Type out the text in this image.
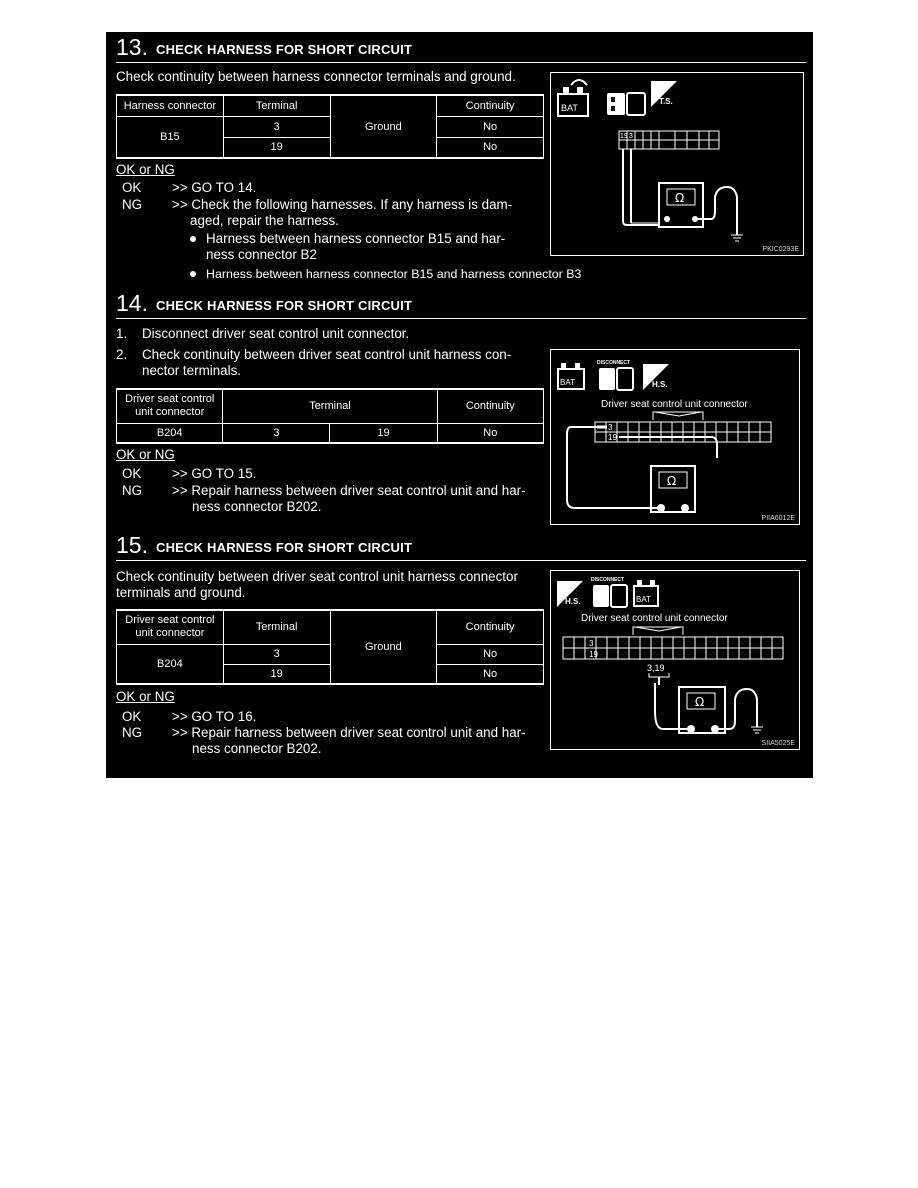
13. CHECK HARNESS FOR SHORT CIRCUIT
Check continuity between harness connector terminals and ground.
Harness connector	Terminal	Ground	Continuity
B15	3		No
	19		No
OK or NG
OK >> GO TO 14.
NG >> Check the following harnesses. If any harness is dam-
aged, repair the harness.
Harness between harness connector B15 and har-
ness connector B2
Harness between harness connector B15 and harness connector B3
BAT
T.S.
19 3
Ω
PKIC0293E
14. CHECK HARNESS FOR SHORT CIRCUIT
1. Disconnect driver seat control unit connector.
2. Check continuity between driver seat control unit harness con-
nector terminals.
Driver seat control
unit connector	Terminal		Continuity
B204	3	19	No
OK or NG
OK >> GO TO 15.
NG >> Repair harness between driver seat control unit and har-
ness connector B202.
BAT
DISCONNECT
H.S.
Driver seat control unit connector
3
19
Ω
PIIA6012E
15. CHECK HARNESS FOR SHORT CIRCUIT
Check continuity between driver seat control unit harness connector
terminals and ground.
Driver seat control
unit connector	Terminal	Ground	Continuity
B204	3		No
	19		No
OK or NG
OK >> GO TO 16.
NG >> Repair harness between driver seat control unit and har-
ness connector B202.
H.S.
DISCONNECT
BAT
Driver seat control unit connector
3
19
3,19
Ω
SIIA5025E
